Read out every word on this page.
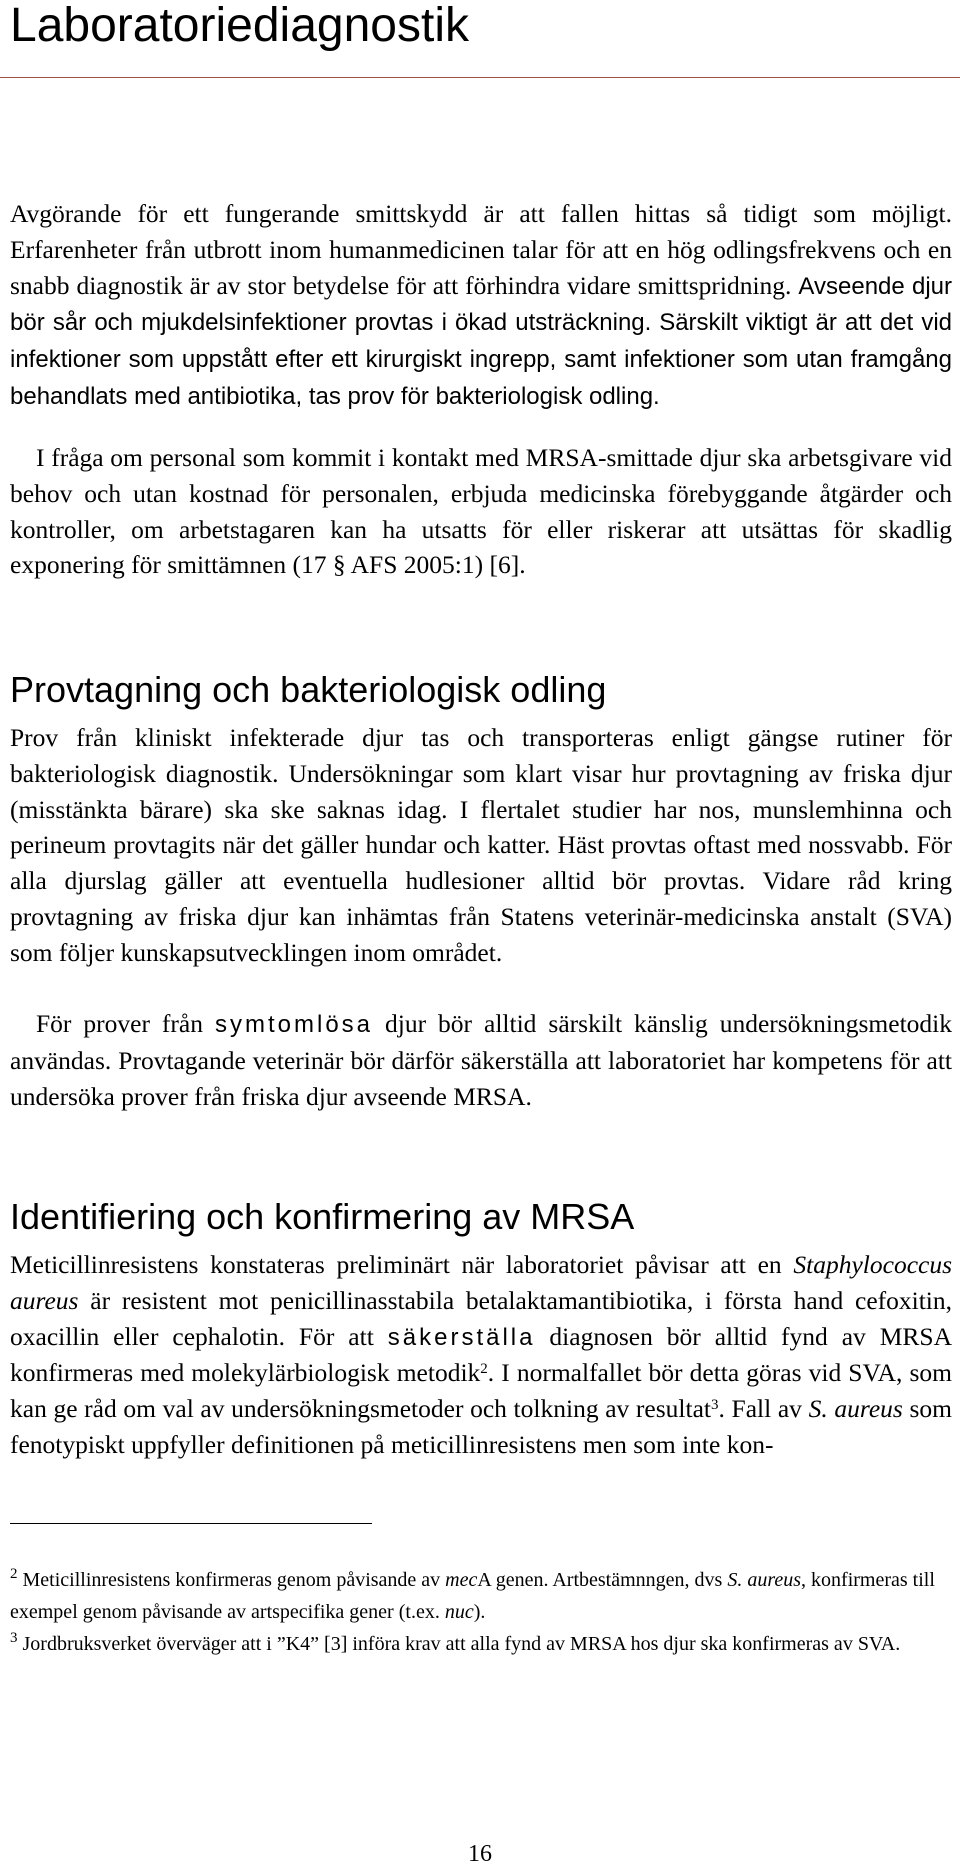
Laboratoriediagnostik

Avgörande för ett fungerande smittskydd är att fallen hittas så tidigt som möjligt. Erfarenheter från utbrott inom humanmedicinen talar för att en hög odlingsfrekvens och en snabb diagnostik är av stor betydelse för att förhindra vidare smittspridning. Avseende djur bör sår och mjukdelsinfektioner provtas i ökad utsträckning. Särskilt viktigt är att det vid infektioner som uppstått efter ett kirurgiskt ingrepp, samt infektioner som utan framgång behandlats med antibiotika, tas prov för bakteriologisk odling.

I fråga om personal som kommit i kontakt med MRSA-smittade djur ska arbetsgivare vid behov och utan kostnad för personalen, erbjuda medicinska förebyggande åtgärder och kontroller, om arbetstagaren kan ha utsatts för eller riskerar att utsättas för skadlig exponering för smittämnen (17 § AFS 2005:1) [6].

Provtagning och bakteriologisk odling

Prov från kliniskt infekterade djur tas och transporteras enligt gängse rutiner för bakteriologisk diagnostik. Undersökningar som klart visar hur provtagning av friska djur (misstänkta bärare) ska ske saknas idag. I flertalet studier har nos, munslemhinna och perineum provtagits när det gäller hundar och katter. Häst provtas oftast med nossvabb. För alla djurslag gäller att eventuella hudlesioner alltid bör provtas. Vidare råd kring provtagning av friska djur kan inhämtas från Statens veterinär-medicinska anstalt (SVA) som följer kunskapsutvecklingen inom området.

För prover från symtomlösa djur bör alltid särskilt känslig undersökningsmetodik användas. Provtagande veterinär bör därför säkerställa att laboratoriet har kompetens för att undersöka prover från friska djur avseende MRSA.

Identifiering och konfirmering av MRSA

Meticillinresistens konstateras preliminärt när laboratoriet påvisar att en Staphylococcus aureus är resistent mot penicillinasstabila betalaktamantibiotika, i första hand cefoxitin, oxacillin eller cephalotin. För att säkerställa diagnosen bör alltid fynd av MRSA konfirmeras med molekylärbiologisk metodik$^2$. I normalfallet bör detta göras vid SVA, som kan ge råd om val av undersökningsmetoder och tolkning av resultat$^3$. Fall av S. aureus som fenotypiskt uppfyller definitionen på meticillinresistens men som inte kon-

$^2$ Meticillinresistens konfirmeras genom påvisande av mecA genen. Artbestämnngen, dvs S. aureus, konfirmeras till exempel genom påvisande av artspecifika gener (t.ex. nuc).

$^3$ Jordbruksverket överväger att i ”K4” [3] införa krav att alla fynd av MRSA hos djur ska konfirmeras av SVA.

16
